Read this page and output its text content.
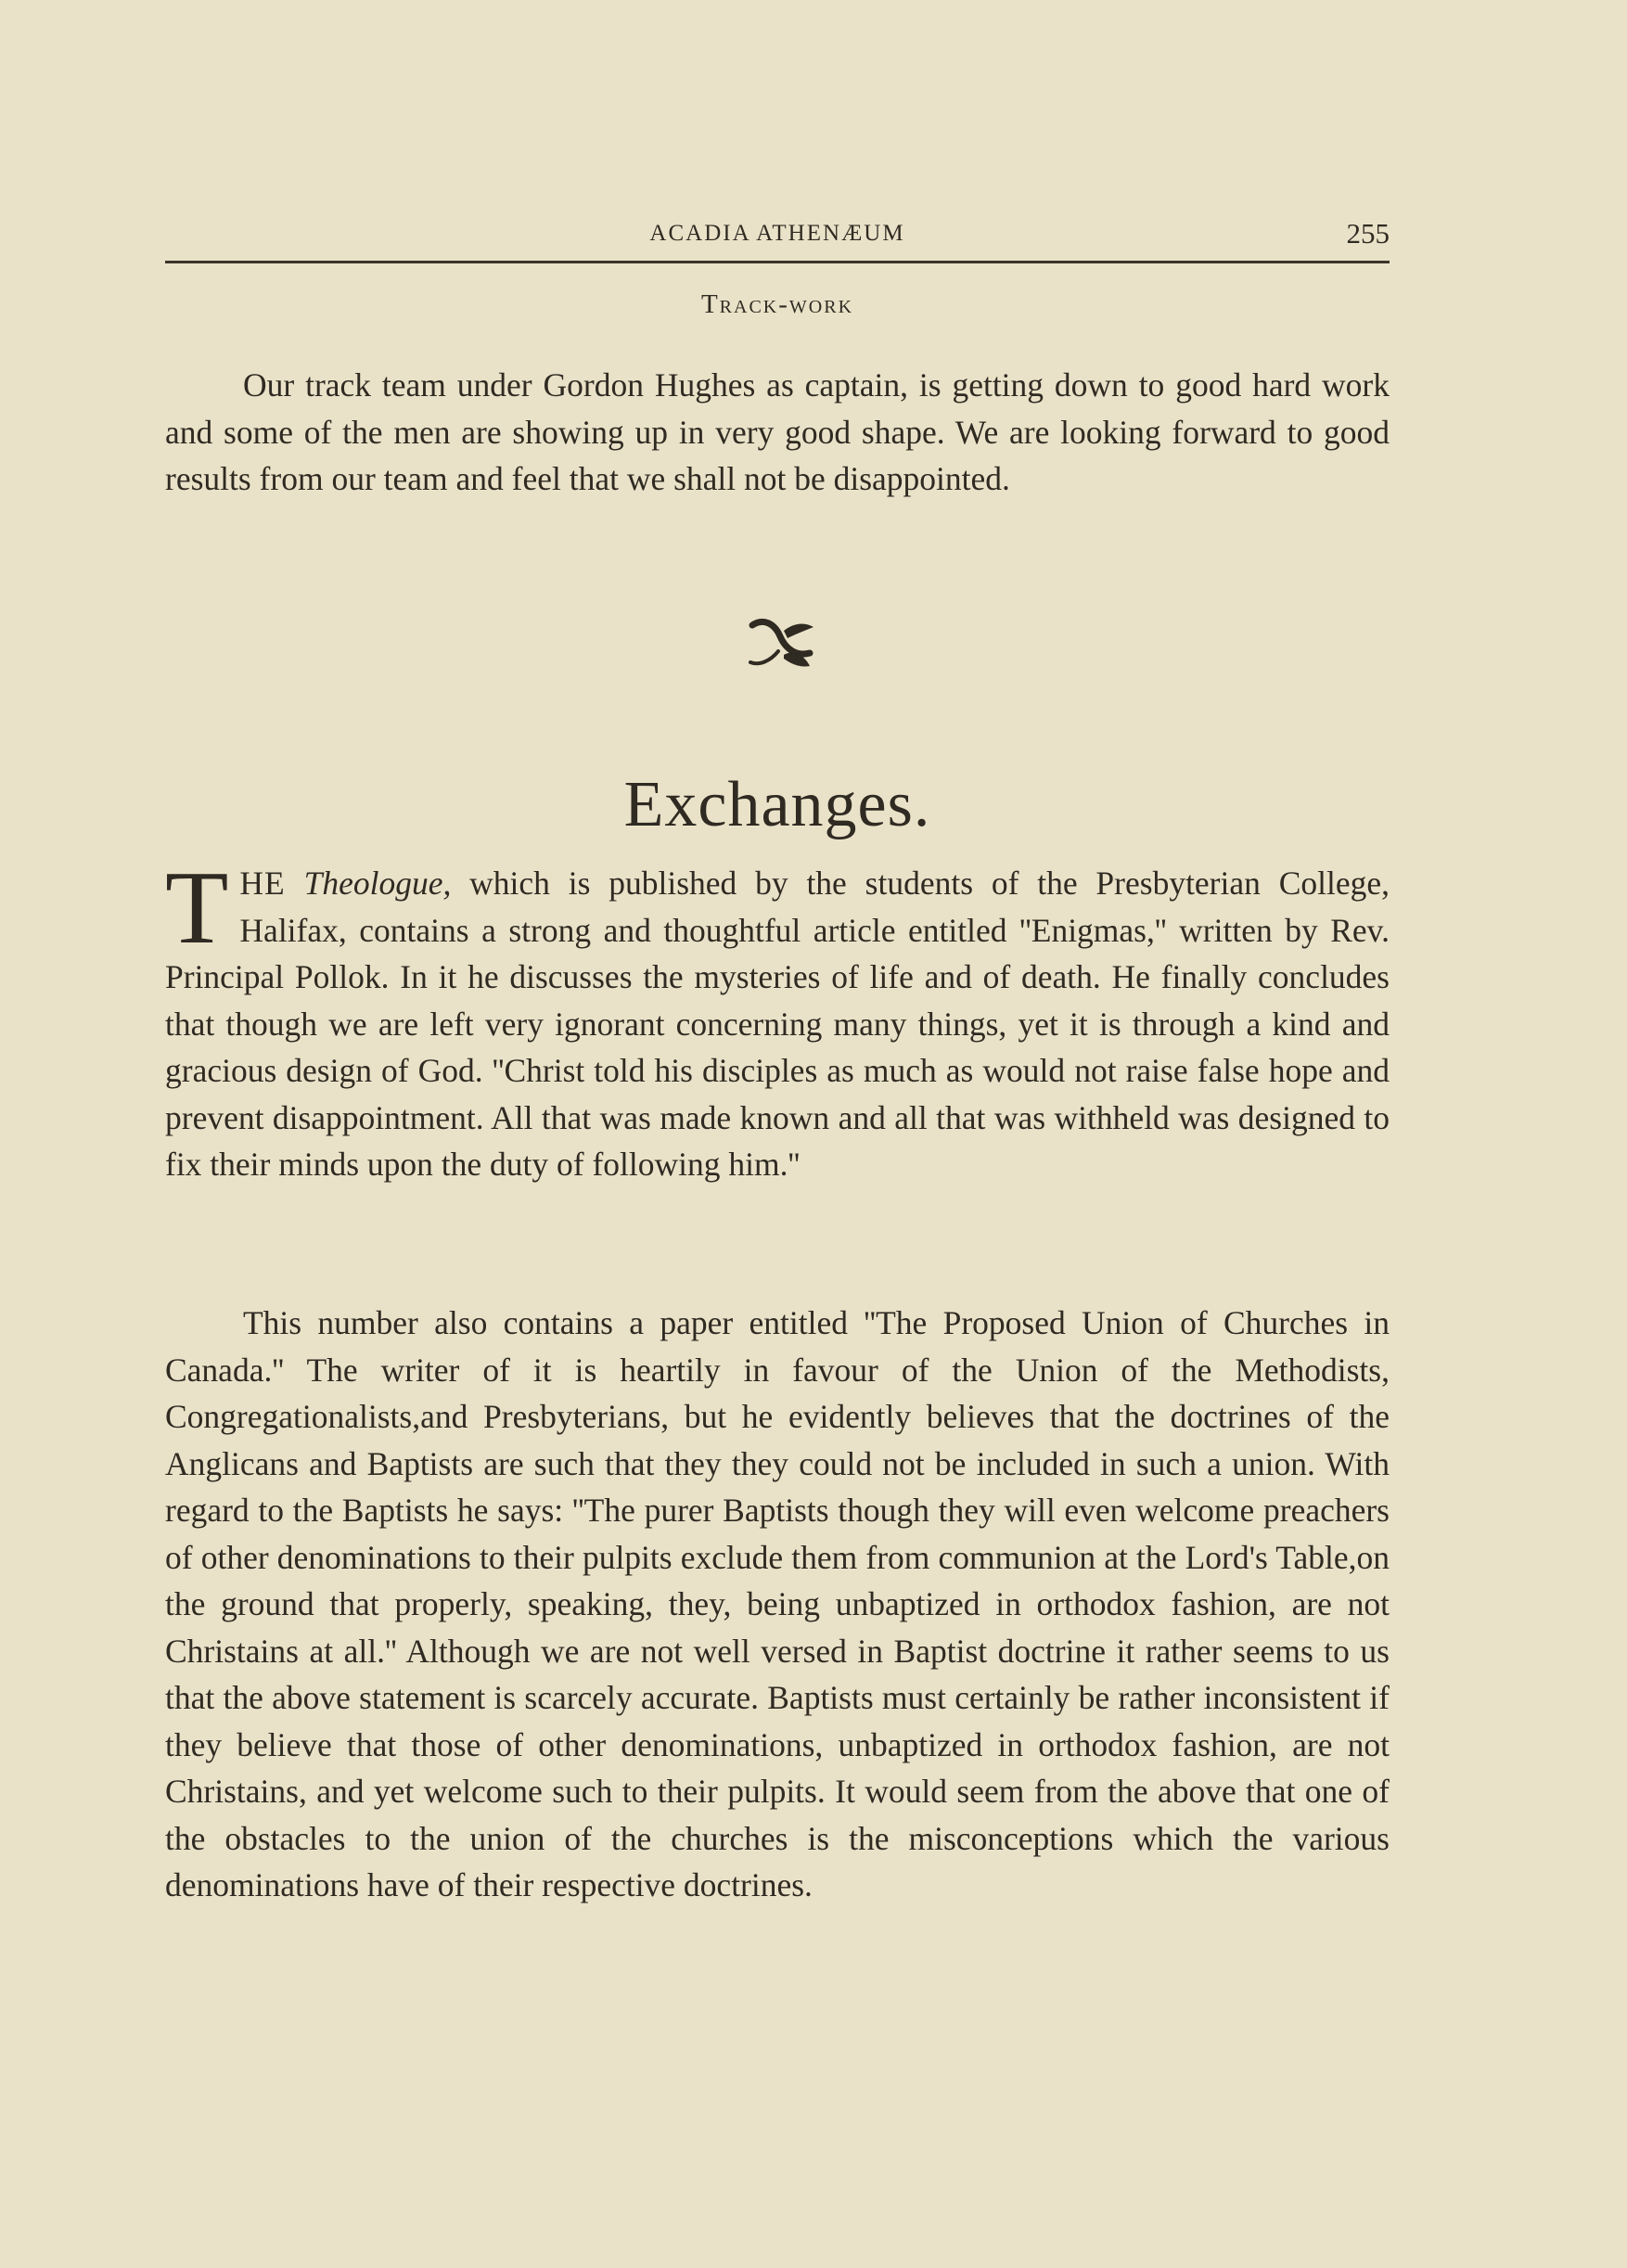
ACADIA ATHENÆUM	255
Track-work

Our track team under Gordon Hughes as captain, is getting down to good hard work and some of the men are showing up in very good shape. We are looking forward to good results from our team and feel that we shall not be disappointed.

Exchanges.

THE Theologue, which is published by the students of the Presbyterian College, Halifax, contains a strong and thoughtful article entitled ''Enigmas,'' written by Rev. Principal Pollok. In it he discusses the mysteries of life and of death. He finally concludes that though we are left very ignorant concerning many things, yet it is through a kind and gracious design of God. ''Christ told his disciples as much as would not raise false hope and prevent disappointment. All that was made known and all that was withheld was designed to fix their minds upon the duty of following him.''

This number also contains a paper entitled ''The Proposed Union of Churches in Canada.'' The writer of it is heartily in favour of the Union of the Methodists, Congregationalists,and Presbyterians, but he evidently believes that the doctrines of the Anglicans and Baptists are such that they they could not be included in such a union. With regard to the Baptists he says: ''The purer Baptists though they will even welcome preachers of other denominations to their pulpits exclude them from communion at the Lord's Table,on the ground that properly, speaking, they, being unbaptized in orthodox fashion, are not Christains at all.'' Although we are not well versed in Baptist doctrine it rather seems to us that the above statement is scarcely accurate. Baptists must certainly be rather inconsistent if they believe that those of other denominations, unbaptized in orthodox fashion, are not Christains, and yet welcome such to their pulpits. It would seem from the above that one of the obstacles to the union of the churches is the misconceptions which the various denominations have of their respective doctrines.
